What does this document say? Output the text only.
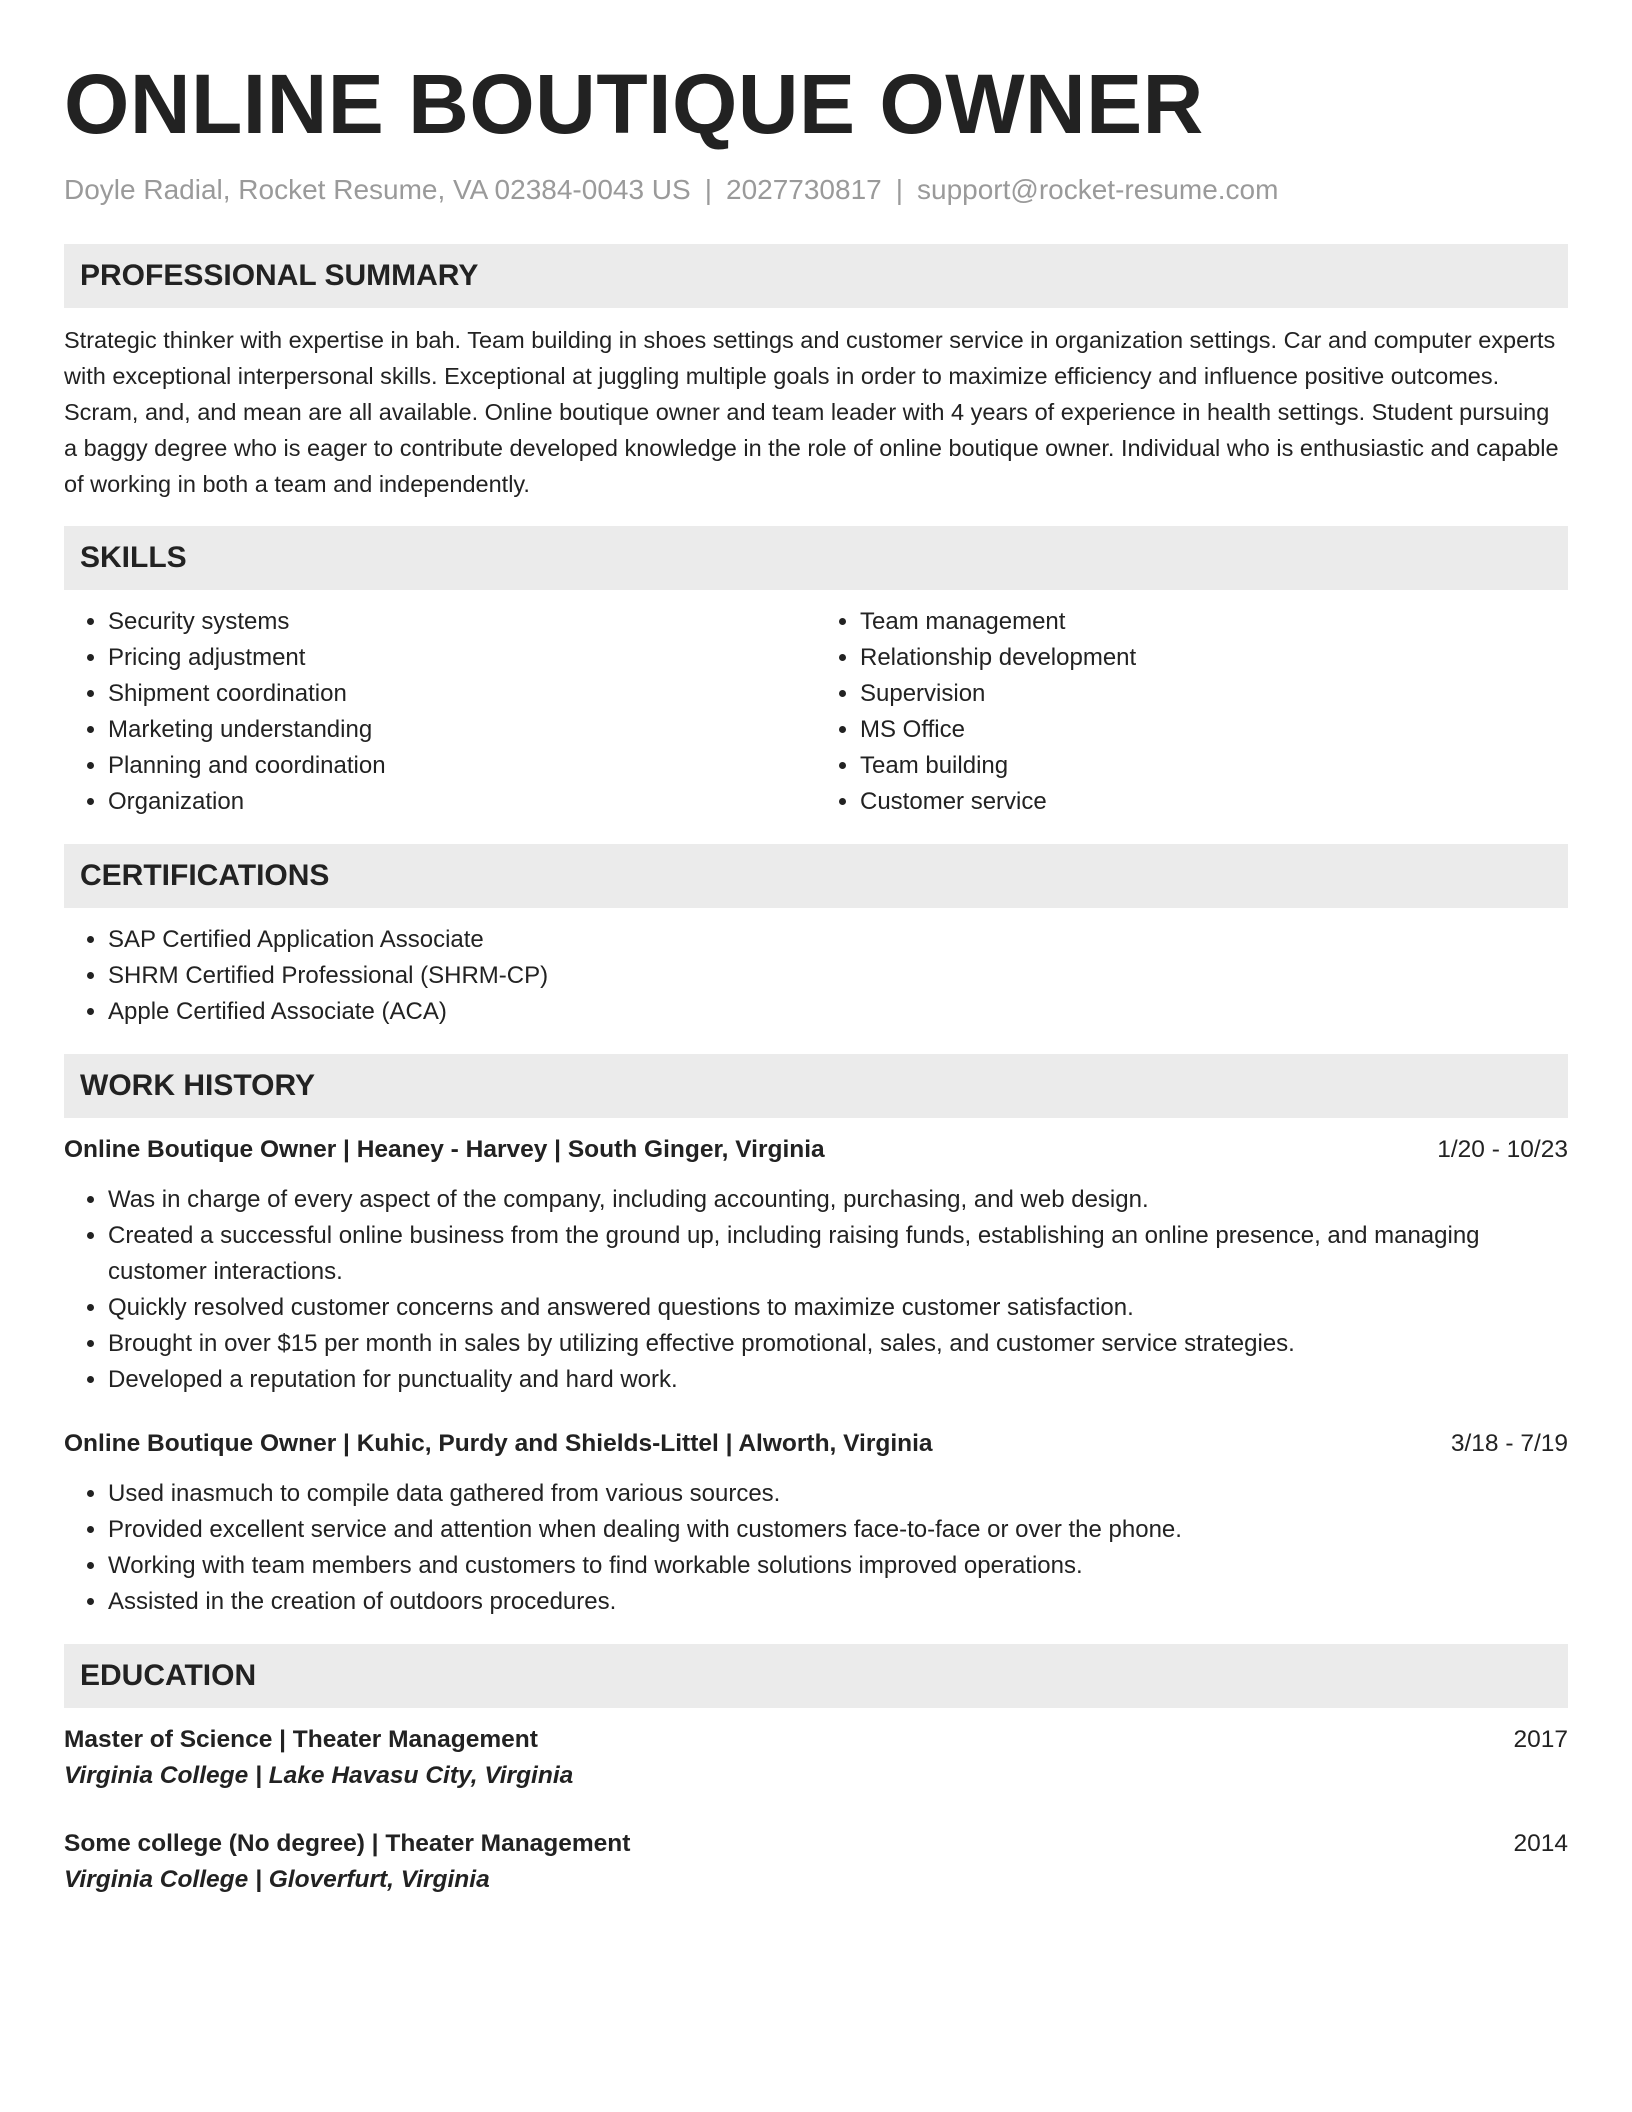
ONLINE BOUTIQUE OWNER
Doyle Radial, Rocket Resume, VA 02384-0043 US | 2027730817 | support@rocket-resume.com
PROFESSIONAL SUMMARY

Strategic thinker with expertise in bah. Team building in shoes settings and customer service in organization settings. Car and computer experts with exceptional interpersonal skills. Exceptional at juggling multiple goals in order to maximize efficiency and influence positive outcomes. Scram, and, and mean are all available. Online boutique owner and team leader with 4 years of experience in health settings. Student pursuing a baggy degree who is eager to contribute developed knowledge in the role of online boutique owner. Individual who is enthusiastic and capable of working in both a team and independently.

SKILLS
• Security systems
• Pricing adjustment
• Shipment coordination
• Marketing understanding
• Planning and coordination
• Organization
• Team management
• Relationship development
• Supervision
• MS Office
• Team building
• Customer service
CERTIFICATIONS
• SAP Certified Application Associate
• SHRM Certified Professional (SHRM-CP)
• Apple Certified Associate (ACA)
WORK HISTORY
Online Boutique Owner | Heaney - Harvey | South Ginger, Virginia	1/20 - 10/23
• Was in charge of every aspect of the company, including accounting, purchasing, and web design.
• Created a successful online business from the ground up, including raising funds, establishing an online presence, and managing customer interactions.
• Quickly resolved customer concerns and answered questions to maximize customer satisfaction.
• Brought in over $15 per month in sales by utilizing effective promotional, sales, and customer service strategies.
• Developed a reputation for punctuality and hard work.
Online Boutique Owner | Kuhic, Purdy and Shields-Littel | Alworth, Virginia	3/18 - 7/19
• Used inasmuch to compile data gathered from various sources.
• Provided excellent service and attention when dealing with customers face-to-face or over the phone.
• Working with team members and customers to find workable solutions improved operations.
• Assisted in the creation of outdoors procedures.
EDUCATION
Master of Science | Theater Management	2017
Virginia College | Lake Havasu City, Virginia
Some college (No degree) | Theater Management	2014
Virginia College | Gloverfurt, Virginia
